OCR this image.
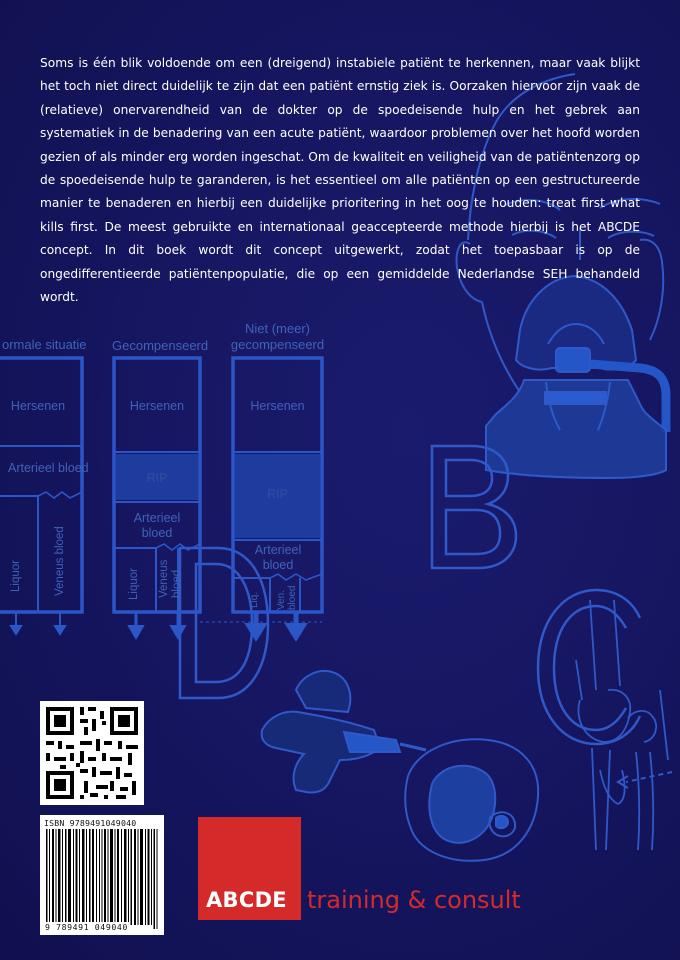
Soms is één blik voldoende om een (dreigend) instabiele patiënt te herkennen, maar vaak blijkt het toch niet direct duidelijk te zijn dat een patiënt ernstig ziek is. Oorzaken hiervoor zijn vaak de (relatieve) onervarendheid van de dokter op de spoedeisende hulp en het gebrek aan systematiek in de benadering van een acute patiënt, waardoor problemen over het hoofd worden gezien of als minder erg worden ingeschat. Om de kwaliteit en veiligheid van de patiëntenzorg op de spoedeisende hulp te garanderen, is het essentieel om alle patiënten op een gestructureerde manier te benaderen en hierbij een duidelijke prioritering in het oog te houden: treat first what kills first. De meest gebruikte en internationaal geaccepteerde methode hierbij is het ABCDE concept. In dit boek wordt dit concept uitgewerkt, zodat het toepasbaar is op de ongedifferentieerde patiëntenpopulatie, die op een gemiddelde Nederlandse SEH behandeld wordt.

ormale situatie
Hersenen
Arterieel bloed
Liquor	Veneus bloed
Gecompenseerd
Hersenen
RIP
Arterieel bloed
Liquor Veneus bloed
Niet (meer)
gecompenseerd
Hersenen
RIP
Arterieel bloed
Liq. Ven. bloed
ISBN 9789491049040
9 789491 049040
ABCDE training & consult
